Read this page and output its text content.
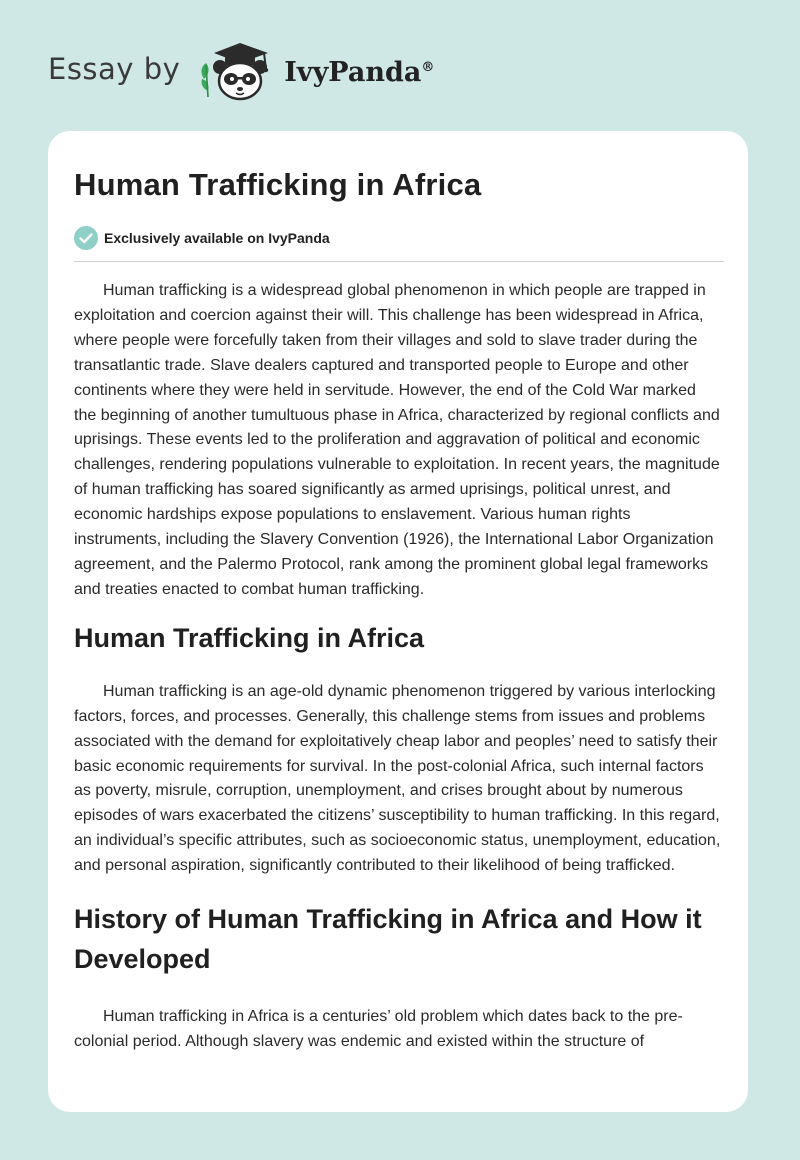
Essay by	IvyPanda®
Human Trafficking in Africa
Exclusively available on IvyPanda

Human trafficking is a widespread global phenomenon in which people are trapped in exploitation and coercion against their will. This challenge has been widespread in Africa, where people were forcefully taken from their villages and sold to slave trader during the transatlantic trade. Slave dealers captured and transported people to Europe and other continents where they were held in servitude. However, the end of the Cold War marked the beginning of another tumultuous phase in Africa, characterized by regional conflicts and uprisings. These events led to the proliferation and aggravation of political and economic challenges, rendering populations vulnerable to exploitation. In recent years, the magnitude of human trafficking has soared significantly as armed uprisings, political unrest, and economic hardships expose populations to enslavement. Various human rights instruments, including the Slavery Convention (1926), the International Labor Organization agreement, and the Palermo Protocol, rank among the prominent global legal frameworks and treaties enacted to combat human trafficking.

Human Trafficking in Africa

Human trafficking is an age-old dynamic phenomenon triggered by various interlocking factors, forces, and processes. Generally, this challenge stems from issues and problems associated with the demand for exploitatively cheap labor and peoples’ need to satisfy their basic economic requirements for survival. In the post-colonial Africa, such internal factors as poverty, misrule, corruption, unemployment, and crises brought about by numerous episodes of wars exacerbated the citizens’ susceptibility to human trafficking. In this regard, an individual’s specific attributes, such as socioeconomic status, unemployment, education, and personal aspiration, significantly contributed to their likelihood of being trafficked.

History of Human Trafficking in Africa and How it Developed

Human trafficking in Africa is a centuries’ old problem which dates back to the pre-colonial period. Although slavery was endemic and existed within the structure of
